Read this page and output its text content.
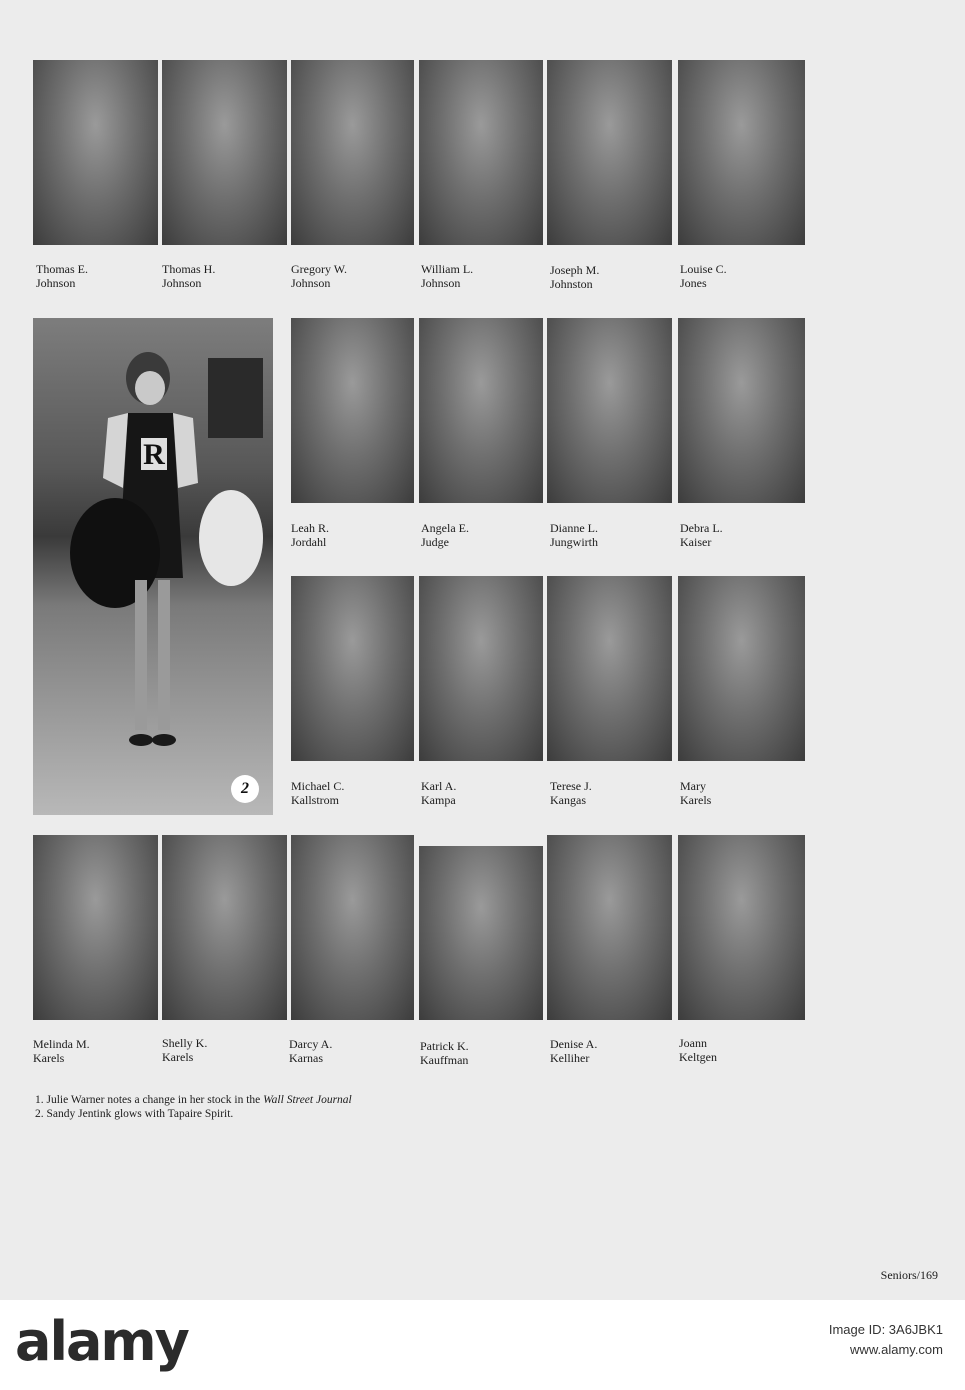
Thomas E.
Johnson
Thomas H.
Johnson
Gregory W.
Johnson
William L.
Johnson
Joseph M.
Johnston
Louise C.
Jones
R
2
Leah R.
Jordahl
Angela E.
Judge
Dianne L.
Jungwirth
Debra L.
Kaiser
Michael C.
Kallstrom
Karl A.
Kampa
Terese J.
Kangas
Mary
Karels
Melinda M.
Karels
Shelly K.
Karels
Darcy A.
Karnas
Patrick K.
Kauffman
Denise A.
Kelliher
Joann
Keltgen
1. Julie Warner notes a change in her stock in the Wall Street Journal
2. Sandy Jentink glows with Tapaire Spirit.
Seniors/169
alamy	Image ID: 3A6JBK1
www.alamy.com
